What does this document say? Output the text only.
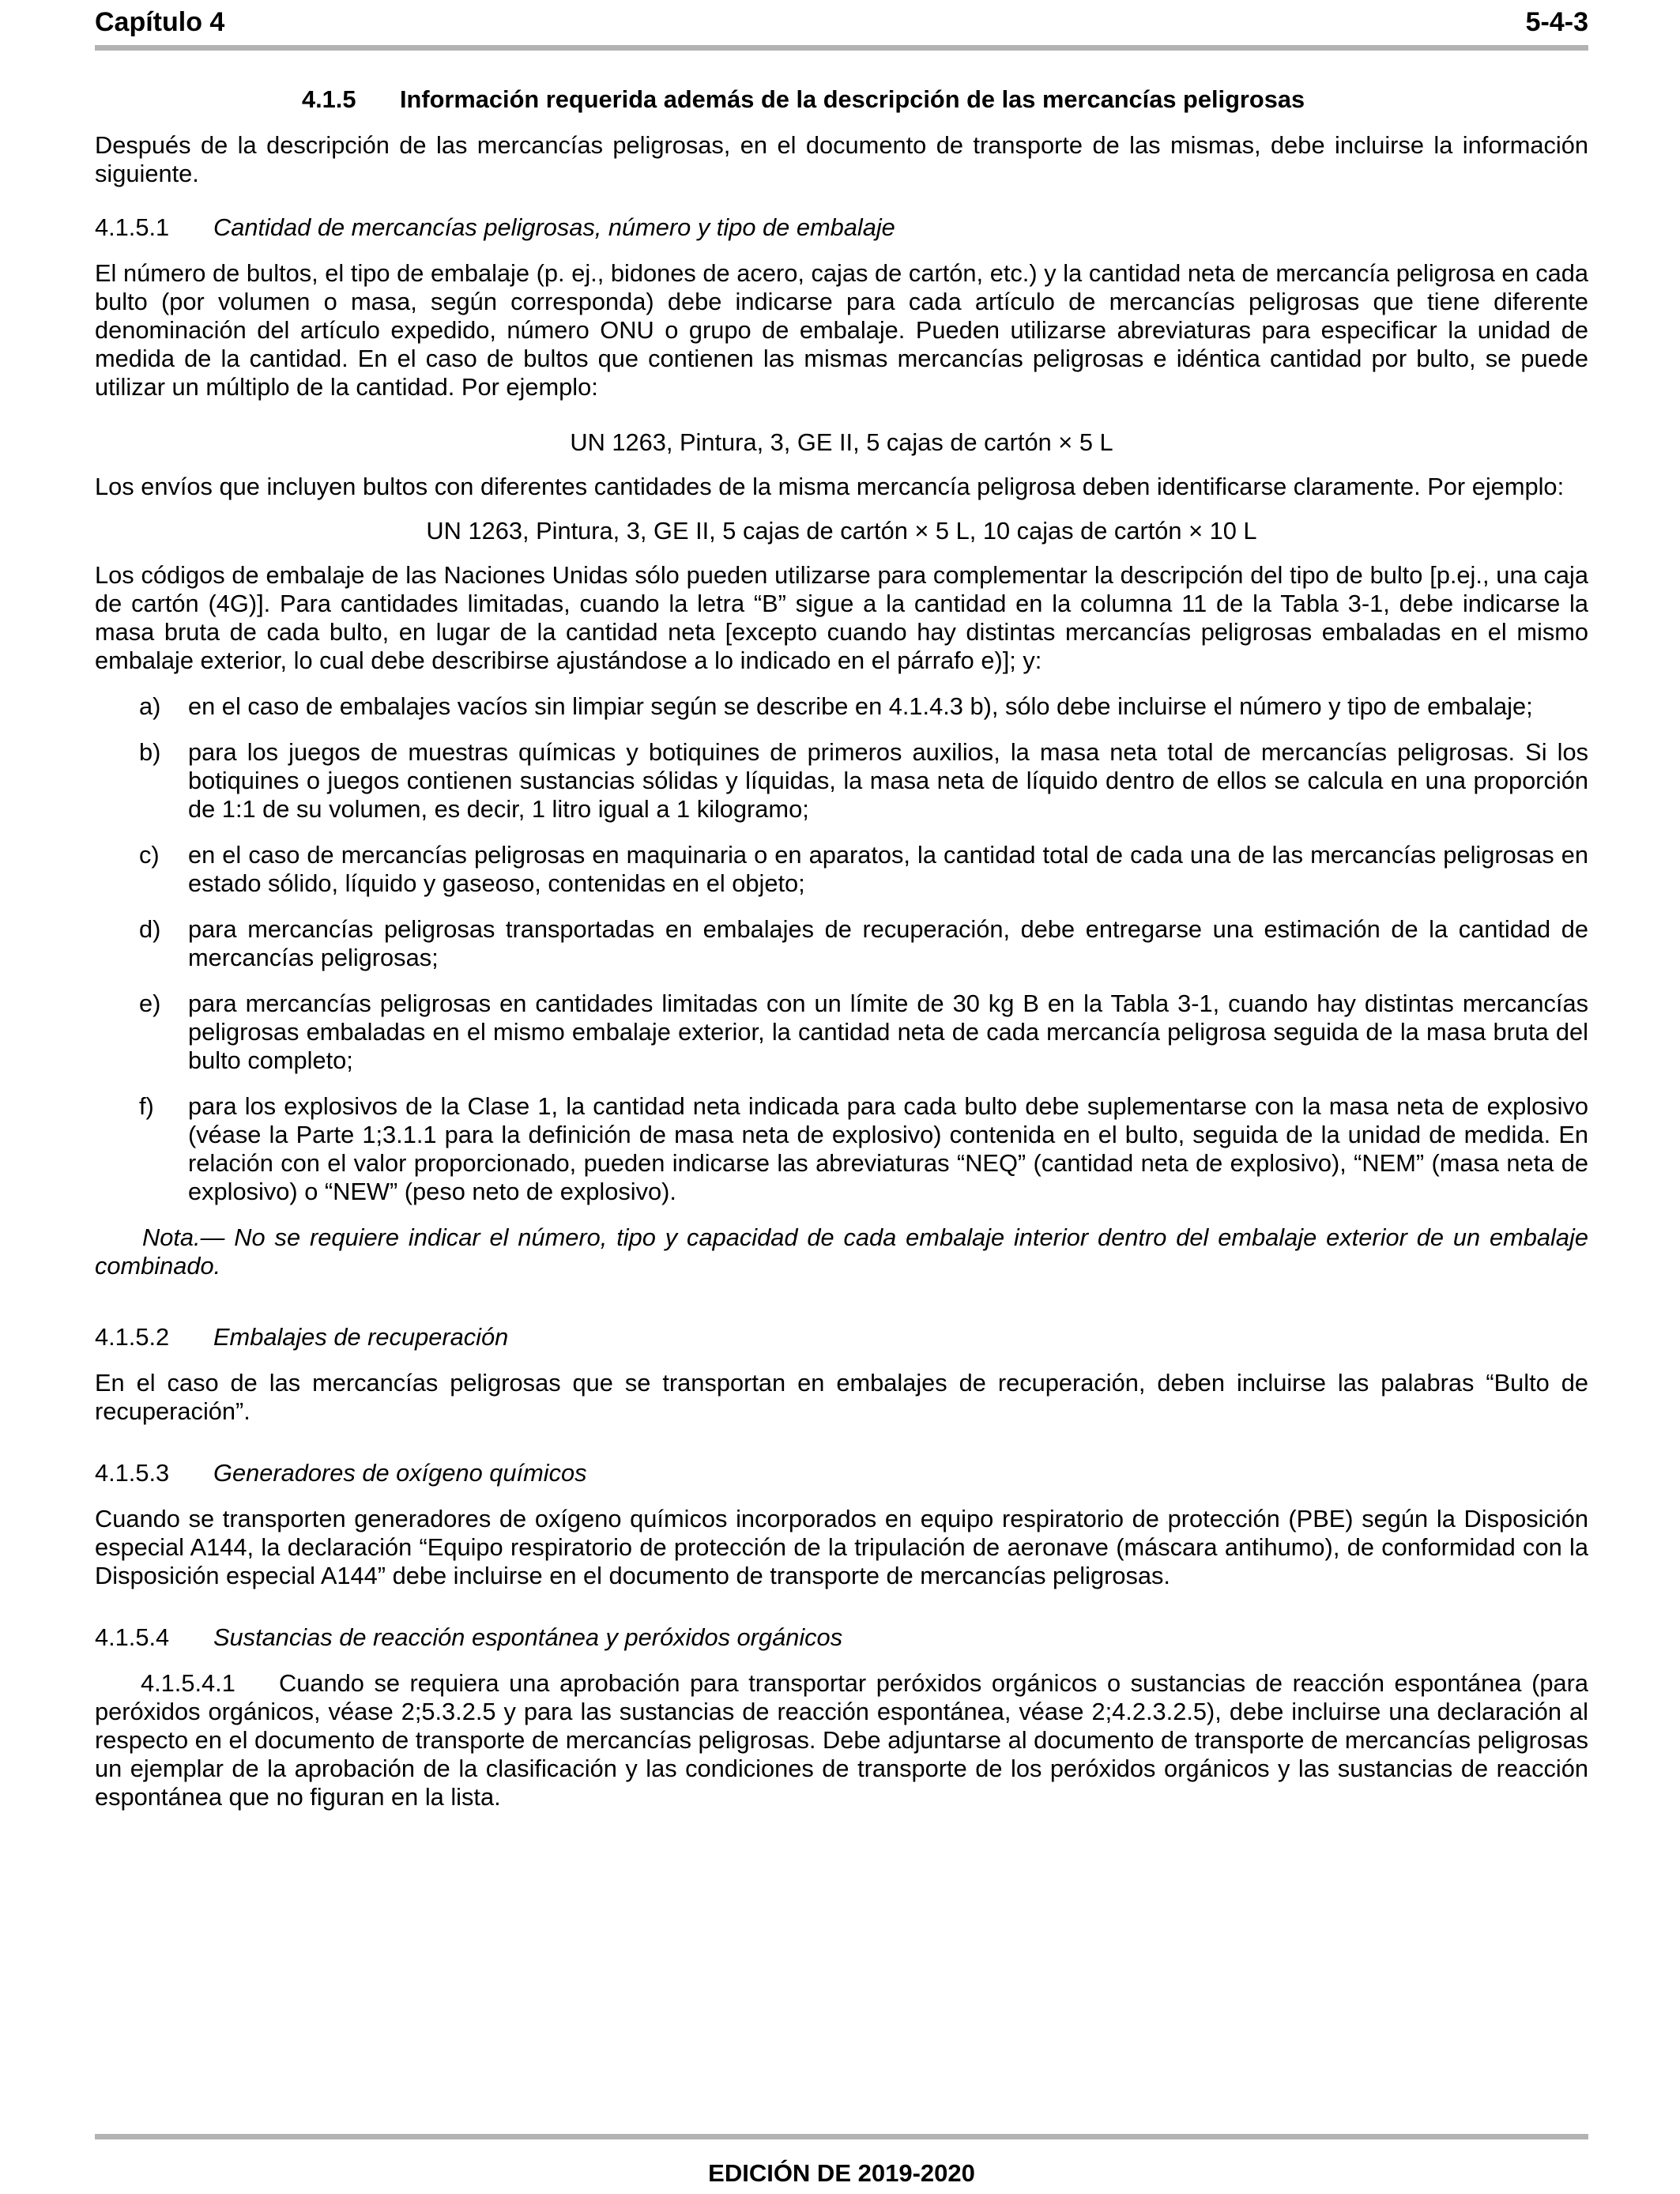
Capítulo 4	5-4-3
4.1.5 Información requerida además de la descripción de las mercancías peligrosas

Después de la descripción de las mercancías peligrosas, en el documento de transporte de las mismas, debe incluirse la información siguiente.

4.1.5.1 Cantidad de mercancías peligrosas, número y tipo de embalaje

El número de bultos, el tipo de embalaje (p. ej., bidones de acero, cajas de cartón, etc.) y la cantidad neta de mercancía peligrosa en cada bulto (por volumen o masa, según corresponda) debe indicarse para cada artículo de mercancías peligrosas que tiene diferente denominación del artículo expedido, número ONU o grupo de embalaje. Pueden utilizarse abreviaturas para especificar la unidad de medida de la cantidad. En el caso de bultos que contienen las mismas mercancías peligrosas e idéntica cantidad por bulto, se puede utilizar un múltiplo de la cantidad. Por ejemplo:

UN 1263, Pintura, 3, GE II, 5 cajas de cartón × 5 L

Los envíos que incluyen bultos con diferentes cantidades de la misma mercancía peligrosa deben identificarse claramente. Por ejemplo:

UN 1263, Pintura, 3, GE II, 5 cajas de cartón × 5 L, 10 cajas de cartón × 10 L

Los códigos de embalaje de las Naciones Unidas sólo pueden utilizarse para complementar la descripción del tipo de bulto [p.ej., una caja de cartón (4G)]. Para cantidades limitadas, cuando la letra “B” sigue a la cantidad en la columna 11 de la Tabla 3-1, debe indicarse la masa bruta de cada bulto, en lugar de la cantidad neta [excepto cuando hay distintas mercancías peligrosas embaladas en el mismo embalaje exterior, lo cual debe describirse ajustándose a lo indicado en el párrafo e)]; y:

a) en el caso de embalajes vacíos sin limpiar según se describe en 4.1.4.3 b), sólo debe incluirse el número y tipo de embalaje;
b) para los juegos de muestras químicas y botiquines de primeros auxilios, la masa neta total de mercancías peligrosas. Si los botiquines o juegos contienen sustancias sólidas y líquidas, la masa neta de líquido dentro de ellos se calcula en una proporción de 1:1 de su volumen, es decir, 1 litro igual a 1 kilogramo;
c) en el caso de mercancías peligrosas en maquinaria o en aparatos, la cantidad total de cada una de las mercancías peligrosas en estado sólido, líquido y gaseoso, contenidas en el objeto;
d) para mercancías peligrosas transportadas en embalajes de recuperación, debe entregarse una estimación de la cantidad de mercancías peligrosas;
e) para mercancías peligrosas en cantidades limitadas con un límite de 30 kg B en la Tabla 3-1, cuando hay distintas mercancías peligrosas embaladas en el mismo embalaje exterior, la cantidad neta de cada mercancía peligrosa seguida de la masa bruta del bulto completo;
f) para los explosivos de la Clase 1, la cantidad neta indicada para cada bulto debe suplementarse con la masa neta de explosivo (véase la Parte 1;3.1.1 para la definición de masa neta de explosivo) contenida en el bulto, seguida de la unidad de medida. En relación con el valor proporcionado, pueden indicarse las abreviaturas “NEQ” (cantidad neta de explosivo), “NEM” (masa neta de explosivo) o “NEW” (peso neto de explosivo).

Nota.— No se requiere indicar el número, tipo y capacidad de cada embalaje interior dentro del embalaje exterior de un embalaje combinado.

4.1.5.2 Embalajes de recuperación

En el caso de las mercancías peligrosas que se transportan en embalajes de recuperación, deben incluirse las palabras “Bulto de recuperación”.

4.1.5.3 Generadores de oxígeno químicos

Cuando se transporten generadores de oxígeno químicos incorporados en equipo respiratorio de protección (PBE) según la Disposición especial A144, la declaración “Equipo respiratorio de protección de la tripulación de aeronave (máscara antihumo), de conformidad con la Disposición especial A144” debe incluirse en el documento de transporte de mercancías peligrosas.

4.1.5.4 Sustancias de reacción espontánea y peróxidos orgánicos

4.1.5.4.1 Cuando se requiera una aprobación para transportar peróxidos orgánicos o sustancias de reacción espontánea (para peróxidos orgánicos, véase 2;5.3.2.5 y para las sustancias de reacción espontánea, véase 2;4.2.3.2.5), debe incluirse una declaración al respecto en el documento de transporte de mercancías peligrosas. Debe adjuntarse al documento de transporte de mercancías peligrosas un ejemplar de la aprobación de la clasificación y las condiciones de transporte de los peróxidos orgánicos y las sustancias de reacción espontánea que no figuran en la lista.

EDICIÓN DE 2019-2020
